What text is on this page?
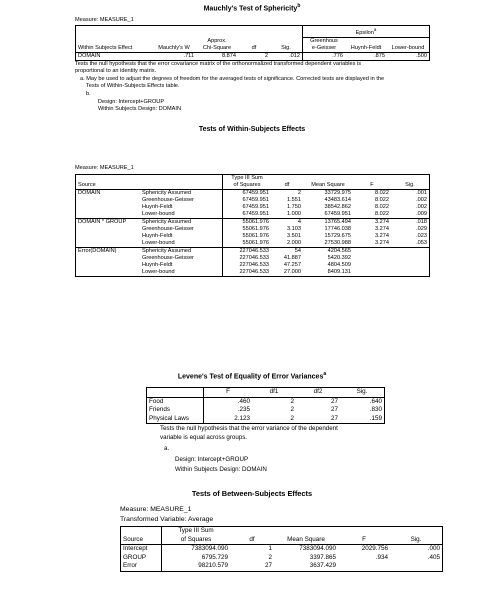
Mauchly's Test of Sphericity$^b$
Measure: MEASURE_1
					Epsilon$^a$
		Approx.			Greenhous		
Within Subjects Effect	Mauchly's W	Chi-Square	df	Sig.	e-Geisser	Huynh-Feldt	Lower-bound
DOMAIN	.711	8.874	2	.012	.776	.875	.500
Tests the null hypothesis that the error covariance matrix of the orthonormalized transformed dependent variables is
proportional to an identity matrix.
a. May be used to adjust the degrees of freedom for the averaged tests of significance. Corrected tests are displayed in the
Tests of Within-Subjects Effects table.
b.
Design: Intercept+GROUP
Within Subjects Design: DOMAIN
Tests of Within-Subjects Effects
Measure: MEASURE_1
		Type III Sum				
Source		of Squares	df	Mean Square	F	Sig.
DOMAIN	Sphericity Assumed	67459.951	2	33729.975	8.022	.001
	Greenhouse-Geisser	67459.951	1.551	43483.614	8.022	.002
	Huynh-Feldt	67459.951	1.750	38542.862	8.022	.002
	Lower-bound	67459.951	1.000	67459.951	8.022	.009
DOMAIN * GROUP	Sphericity Assumed	55061.976	4	13765.494	3.274	.018
	Greenhouse-Geisser	55061.976	3.103	17746.038	3.274	.029
	Huynh-Feldt	55061.976	3.501	15729.675	3.274	.023
	Lower-bound	55061.976	2.000	27530.988	3.274	.053
Error(DOMAIN)	Sphericity Assumed	227046.533	54	4204.565		
	Greenhouse-Geisser	227046.533	41.887	5420.392		
	Huynh-Feldt	227046.533	47.257	4804.509		
	Lower-bound	227046.533	27.000	8409.131		
Levene's Test of Equality of Error Variances$^a$
	F	df1	df2	Sig.
Food	.460	2	27	.640
Friends	.235	2	27	.830
Physical Laws	2.123	2	27	.159
Tests the null hypothesis that the error variance of the dependent
variable is equal across groups.
a.
Design: Intercept+GROUP
Within Subjects Design: DOMAIN
Tests of Between-Subjects Effects
Measure: MEASURE_1
Transformed Variable: Average
	Type III Sum				
Source	of Squares	df	Mean Square	F	Sig.
Intercept	7383094.090	1	7383094.090	2029.756	.000
GROUP	6795.729	2	3397.865	.934	.405
Error	98210.579	27	3637.429		
